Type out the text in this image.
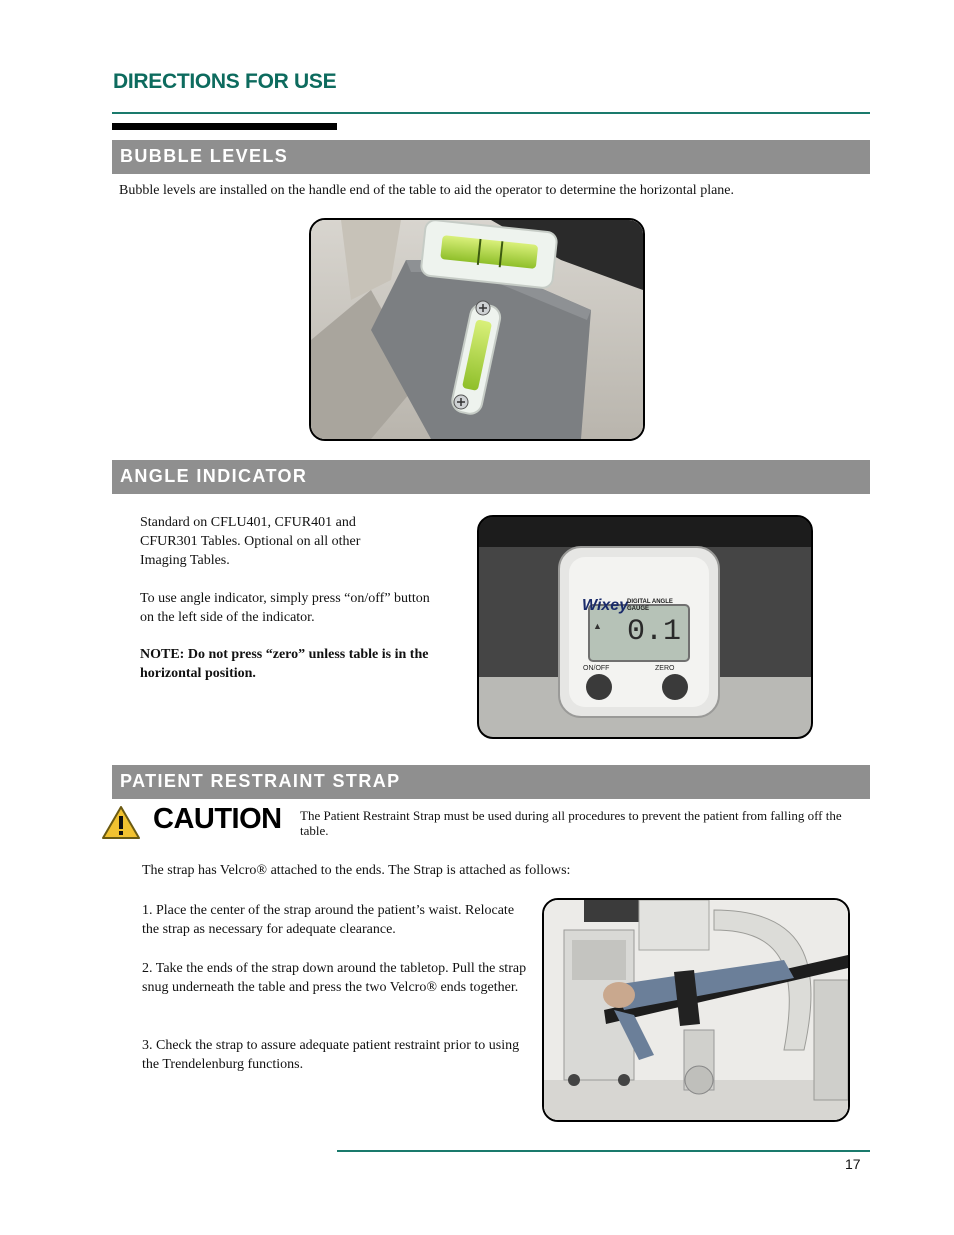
DIRECTIONS FOR USE
BUBBLE LEVELS
Bubble levels are installed on the handle end of the table to aid the operator to determine the horizontal plane.
ANGLE INDICATOR
Standard on CFLU401, CFUR401 and CFUR301 Tables. Optional on all other Imaging Tables.
To use angle indicator, simply press “on/off” button on the left side of the indicator.
NOTE: Do not press “zero” unless table is in the horizontal position.
Wixey
DIGITAL ANGLE
GAUGE
0.1
▲
ON/OFF	ZERO
PATIENT RESTRAINT STRAP
CAUTION The Patient Restraint Strap must be used during all procedures to prevent the patient from falling off the table.
The strap has Velcro® attached to the ends. The Strap is attached as follows:
1. Place the center of the strap around the patient’s waist. Relocate the strap as necessary for adequate clearance.
2. Take the ends of the strap down around the tabletop. Pull the strap snug underneath the table and press the two Velcro® ends together.
3. Check the strap to assure adequate patient restraint prior to using the Trendelenburg functions.
17
